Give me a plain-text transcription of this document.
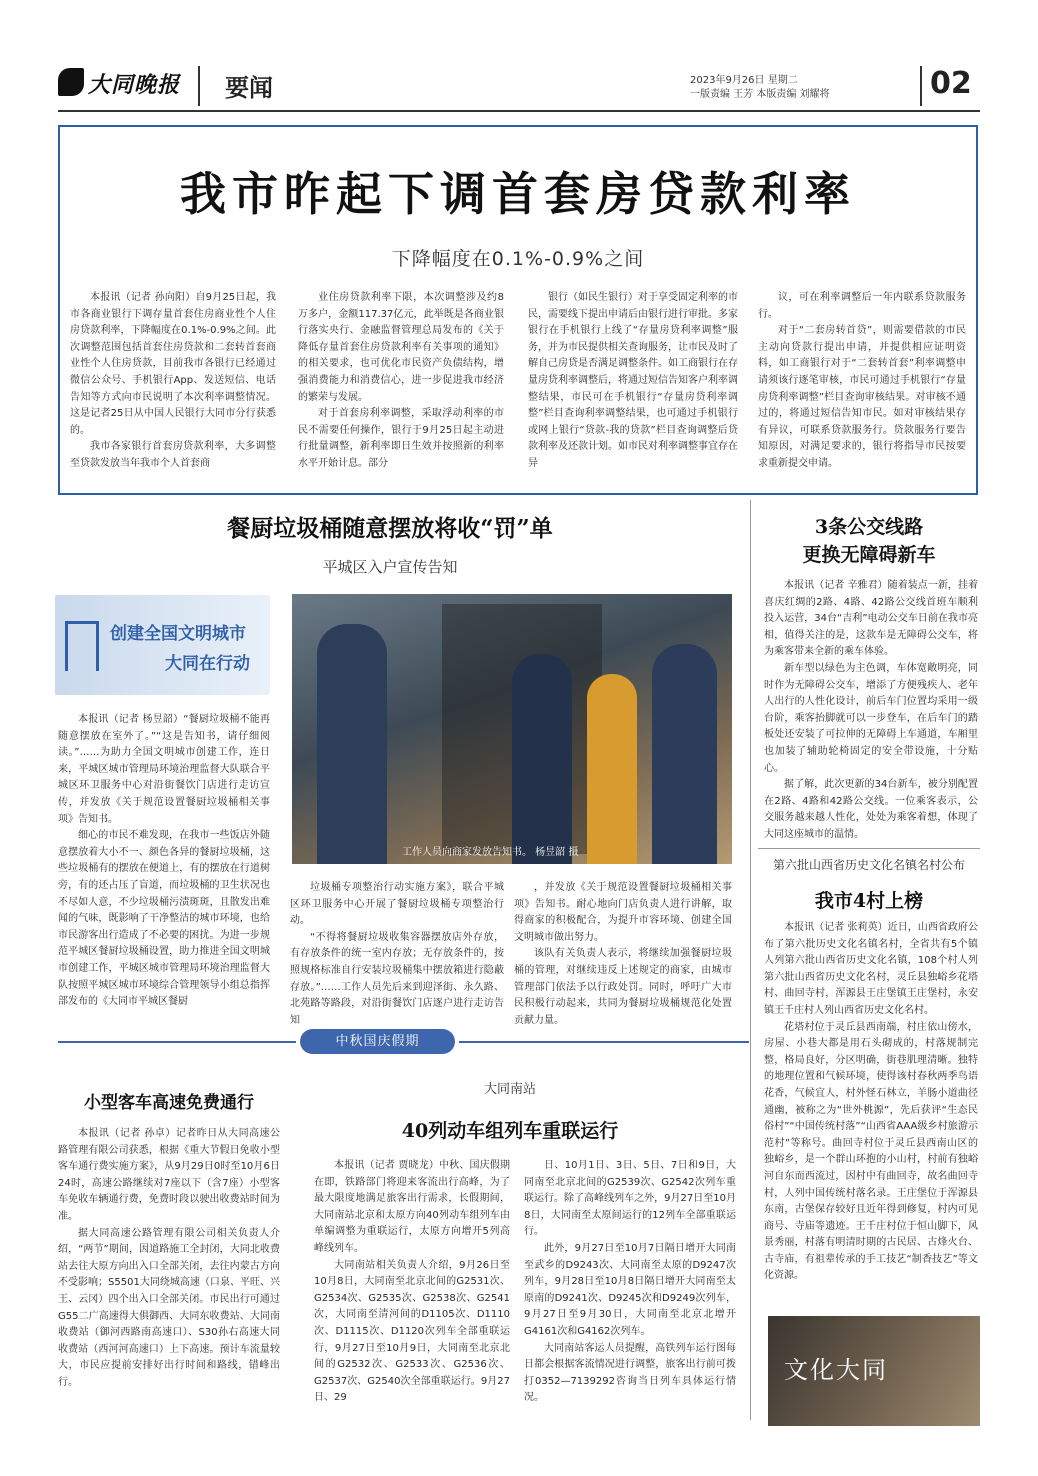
大同晚报 要闻	2023年9月26日 星期二
一版责编 王芳 本版责编 刘耀将	02
我市昨起下调首套房贷款利率
下降幅度在0.1%-0.9%之间

本报讯（记者 孙向阳）自9月25日起，我市各商业银行下调存量首套住房商业性个人住房贷款利率，下降幅度在0.1%-0.9%之间。此次调整范围包括首套住房贷款和二套转首套商业性个人住房贷款，目前我市各银行已经通过微信公众号、手机银行App、发送短信、电话告知等方式向市民说明了本次利率调整情况。这是记者25日从中国人民银行大同市分行获悉的。

我市各家银行首套房贷款利率，大多调整至贷款发放当年我市个人首套商

业住房贷款利率下限，本次调整涉及约8万多户，金额117.37亿元，此举既是各商业银行落实央行、金融监督管理总局发布的《关于降低存量首套住房贷款利率有关事项的通知》的相关要求，也可优化市民资产负债结构，增强消费能力和消费信心，进一步促进我市经济的繁荣与发展。

对于首套房利率调整，采取浮动利率的市民不需要任何操作，银行于9月25日起主动进行批量调整，新利率即日生效并按照新的利率水平开始计息。部分

银行（如民生银行）对于享受固定利率的市民，需要线下提出申请后由银行进行审批。多家银行在手机银行上线了“存量房贷利率调整”服务，并为市民提供相关查询服务，让市民及时了解自己房贷是否满足调整条件。如工商银行在存量房贷利率调整后，将通过短信告知客户利率调整结果，市民可在手机银行“存量房贷利率调整”栏目查询利率调整结果，也可通过手机银行或网上银行“贷款-我的贷款”栏目查询调整后贷款利率及还款计划。如市民对利率调整事宜存在异

议，可在利率调整后一年内联系贷款服务行。

对于“二套房转首贷”，则需要借款的市民主动向贷款行提出申请，并提供相应证明资料，如工商银行对于“二套转首套”利率调整申请须该行逐笔审核，市民可通过手机银行“存量房贷利率调整”栏目查询审核结果。对审核不通过的，将通过短信告知市民。如对审核结果存有异议，可联系贷款服务行。贷款服务行要告知原因，对满足要求的，银行将指导市民按要求重新提交申请。

餐厨垃圾桶随意摆放将收“罚”单
平城区入户宣传告知
创建全国文明城市
大同在行动
工作人员向商家发放告知书。 杨昱韶 摄

本报讯（记者 杨昱韶）“餐厨垃圾桶不能再随意摆放在室外了。”“这是告知书，请仔细阅读。”……为助力全国文明城市创建工作，连日来，平城区城市管理局环境治理监督大队联合平城区环卫服务中心对沿街餐饮门店进行走访宣传，并发放《关于规范设置餐厨垃圾桶相关事项》告知书。

细心的市民不难发现，在我市一些饭店外随意摆放着大小不一、颜色各异的餐厨垃圾桶，这些垃圾桶有的摆放在便道上，有的摆放在行道树旁，有的还占压了盲道，而垃圾桶的卫生状况也不尽如人意，不少垃圾桶污渍斑斑，且散发出难闻的气味，既影响了干净整洁的城市环境，也给市民游客出行造成了不必要的困扰。为进一步规范平城区餐厨垃圾桶设置，助力推进全国文明城市创建工作，平城区城市管理局环境治理监督大队按照平城区城市环境综合管理领导小组总指挥部发布的《大同市平城区餐厨

垃圾桶专项整治行动实施方案》，联合平城区环卫服务中心开展了餐厨垃圾桶专项整治行动。

“不得将餐厨垃圾收集容器摆放店外存放，有存放条件的统一室内存放；无存放条件的，按照规格标准自行安装垃圾桶集中摆放箱进行隐蔽存放。”……工作人员先后来到迎泽街、永久路、北苑路等路段，对沿街餐饮门店逐户进行走访告知

，并发放《关于规范设置餐厨垃圾桶相关事项》告知书。耐心地向门店负责人进行讲解，取得商家的积极配合，为提升市容环境、创建全国文明城市做出努力。

该队有关负责人表示，将继续加强餐厨垃圾桶的管理，对继续违反上述规定的商家，由城市管理部门依法予以行政处罚。同时，呼吁广大市民积极行动起来，共同为餐厨垃圾桶规范化处置贡献力量。

3条公交线路
更换无障碍新车

本报讯（记者 辛雅君）随着装点一新，挂着喜庆红绸的2路、4路、42路公交线首班车顺利投入运营，34台“吉利”电动公交车日前在我市亮相，值得关注的是，这款车是无障碍公交车，将为乘客带来全新的乘车体验。

新车型以绿色为主色调，车体宽敞明亮，同时作为无障碍公交车，增添了方便残疾人、老年人出行的人性化设计，前后车门位置均采用一级台阶，乘客抬脚就可以一步登车，在后车门的踏板处还安装了可拉伸的无障碍上车通道，车厢里也加装了辅助轮椅固定的安全带设施，十分贴心。

据了解，此次更新的34台新车，被分别配置在2路、4路和42路公交线。一位乘客表示，公交服务越来越人性化，处处为乘客着想，体现了大同这座城市的温情。

第六批山西省历史文化名镇名村公布
我市4村上榜

本报讯（记者 张莉英）近日，山西省政府公布了第六批历史文化名镇名村，全省共有5个镇人列第六批山西省历史文化名镇，108个村人列第六批山西省历史文化名村，灵丘县独峪乡花塔村、曲回寺村，浑源县王庄堡镇王庄堡村，永安镇王千庄村人列山西省历史文化名村。

花塔村位于灵丘县西南端，村庄依山傍水，房屋、小巷大都是用石头砌成的，村落规制完整，格局良好，分区明确，街巷肌理清晰。独特的地理位置和气候环境，使得该村春秋两季鸟语花香，气候宜人，村外怪石林立，羊肠小道曲径通幽，被称之为“世外桃源”，先后获评“生态民俗村”“中国传统村落”“山西省AAA级乡村旅游示范村”等称号。曲回寺村位于灵丘县西南山区的独峪乡，是一个群山环抱的小山村，村前有独峪河自东而西流过，因村中有曲回寺，故名曲回寺村，人列中国传统村落名录。王庄堡位于浑源县东南，古堡保存较好且近年得到修复，村内可见商号、寺庙等遗迹。王千庄村位于恒山脚下，风景秀丽，村落有明清时期的古民居、古烽火台、古寺庙，有祖辈传承的手工技艺“制香技艺”等文化资源。

文化大同
中秋国庆假期
小型客车高速免费通行

本报讯（记者 孙卓）记者昨日从大同高速公路管理有限公司获悉，根据《重大节假日免收小型客车通行费实施方案》，从9月29日0时至10月6日24时，高速公路继续对7座以下（含7座）小型客车免收车辆通行费，免费时段以驶出收费站时间为准。

据大同高速公路管理有限公司相关负责人介绍，“两节”期间，因道路施工全封闭，大同北收费站去往大原方向出入口全部关闭，去往内蒙古方向不受影响；S5501大同绕城高速（口泉、平旺、兴王、云冈）四个出入口全部关闭。市民出行可通过G55二广高速得大俱御西、大同东收费站、大同南收费站（御河西路南高速口）、S30孙右高速大同收费站（西河河高速口）上下高速。预计车流量较大，市民应提前安排好出行时间和路线，错峰出行。

大同南站
40列动车组列车重联运行

本报讯（记者 贾晓龙）中秋、国庆假期在即，铁路部门将迎来客流出行高峰，为了最大限度地满足旅客出行需求，长假期间，大同南站北京和太原方向40列动车组列车由单编调整为重联运行，太原方向增开5列高峰线列车。

大同南站相关负责人介绍，9月26日至10月8日，大同南至北京北间的G2531次、G2534次、G2535次、G2538次、G2541次，大同南至清河间的D1105次、D1110次、D1115次、D1120次列车全部重联运行，9月27日至10月9日，大同南至北京北间的G2532次、G2533次、G2536次、G2537次、G2540次全部重联运行。9月27日、29

日、10月1日、3日、5日、7日和9日，大同南至北京北间的G2539次、G2542次列车重联运行。除了高峰线列车之外，9月27日至10月8日，大同南至太原间运行的12列车全部重联运行。

此外，9月27日至10月7日隔日增开大同南至武乡的D9243次、大同南至太原的D9247次列车，9月28日至10月8日隔日增开大同南至太原南的D9241次、D9245次和D9249次列车，9月27日至9月30日，大同南至北京北增开G4161次和G4162次列车。

大同南站客运人员提醒，高铁列车运行图每日都会根据客流情况进行调整，旅客出行前可拨打0352—7139292咨询当日列车具体运行情况。
